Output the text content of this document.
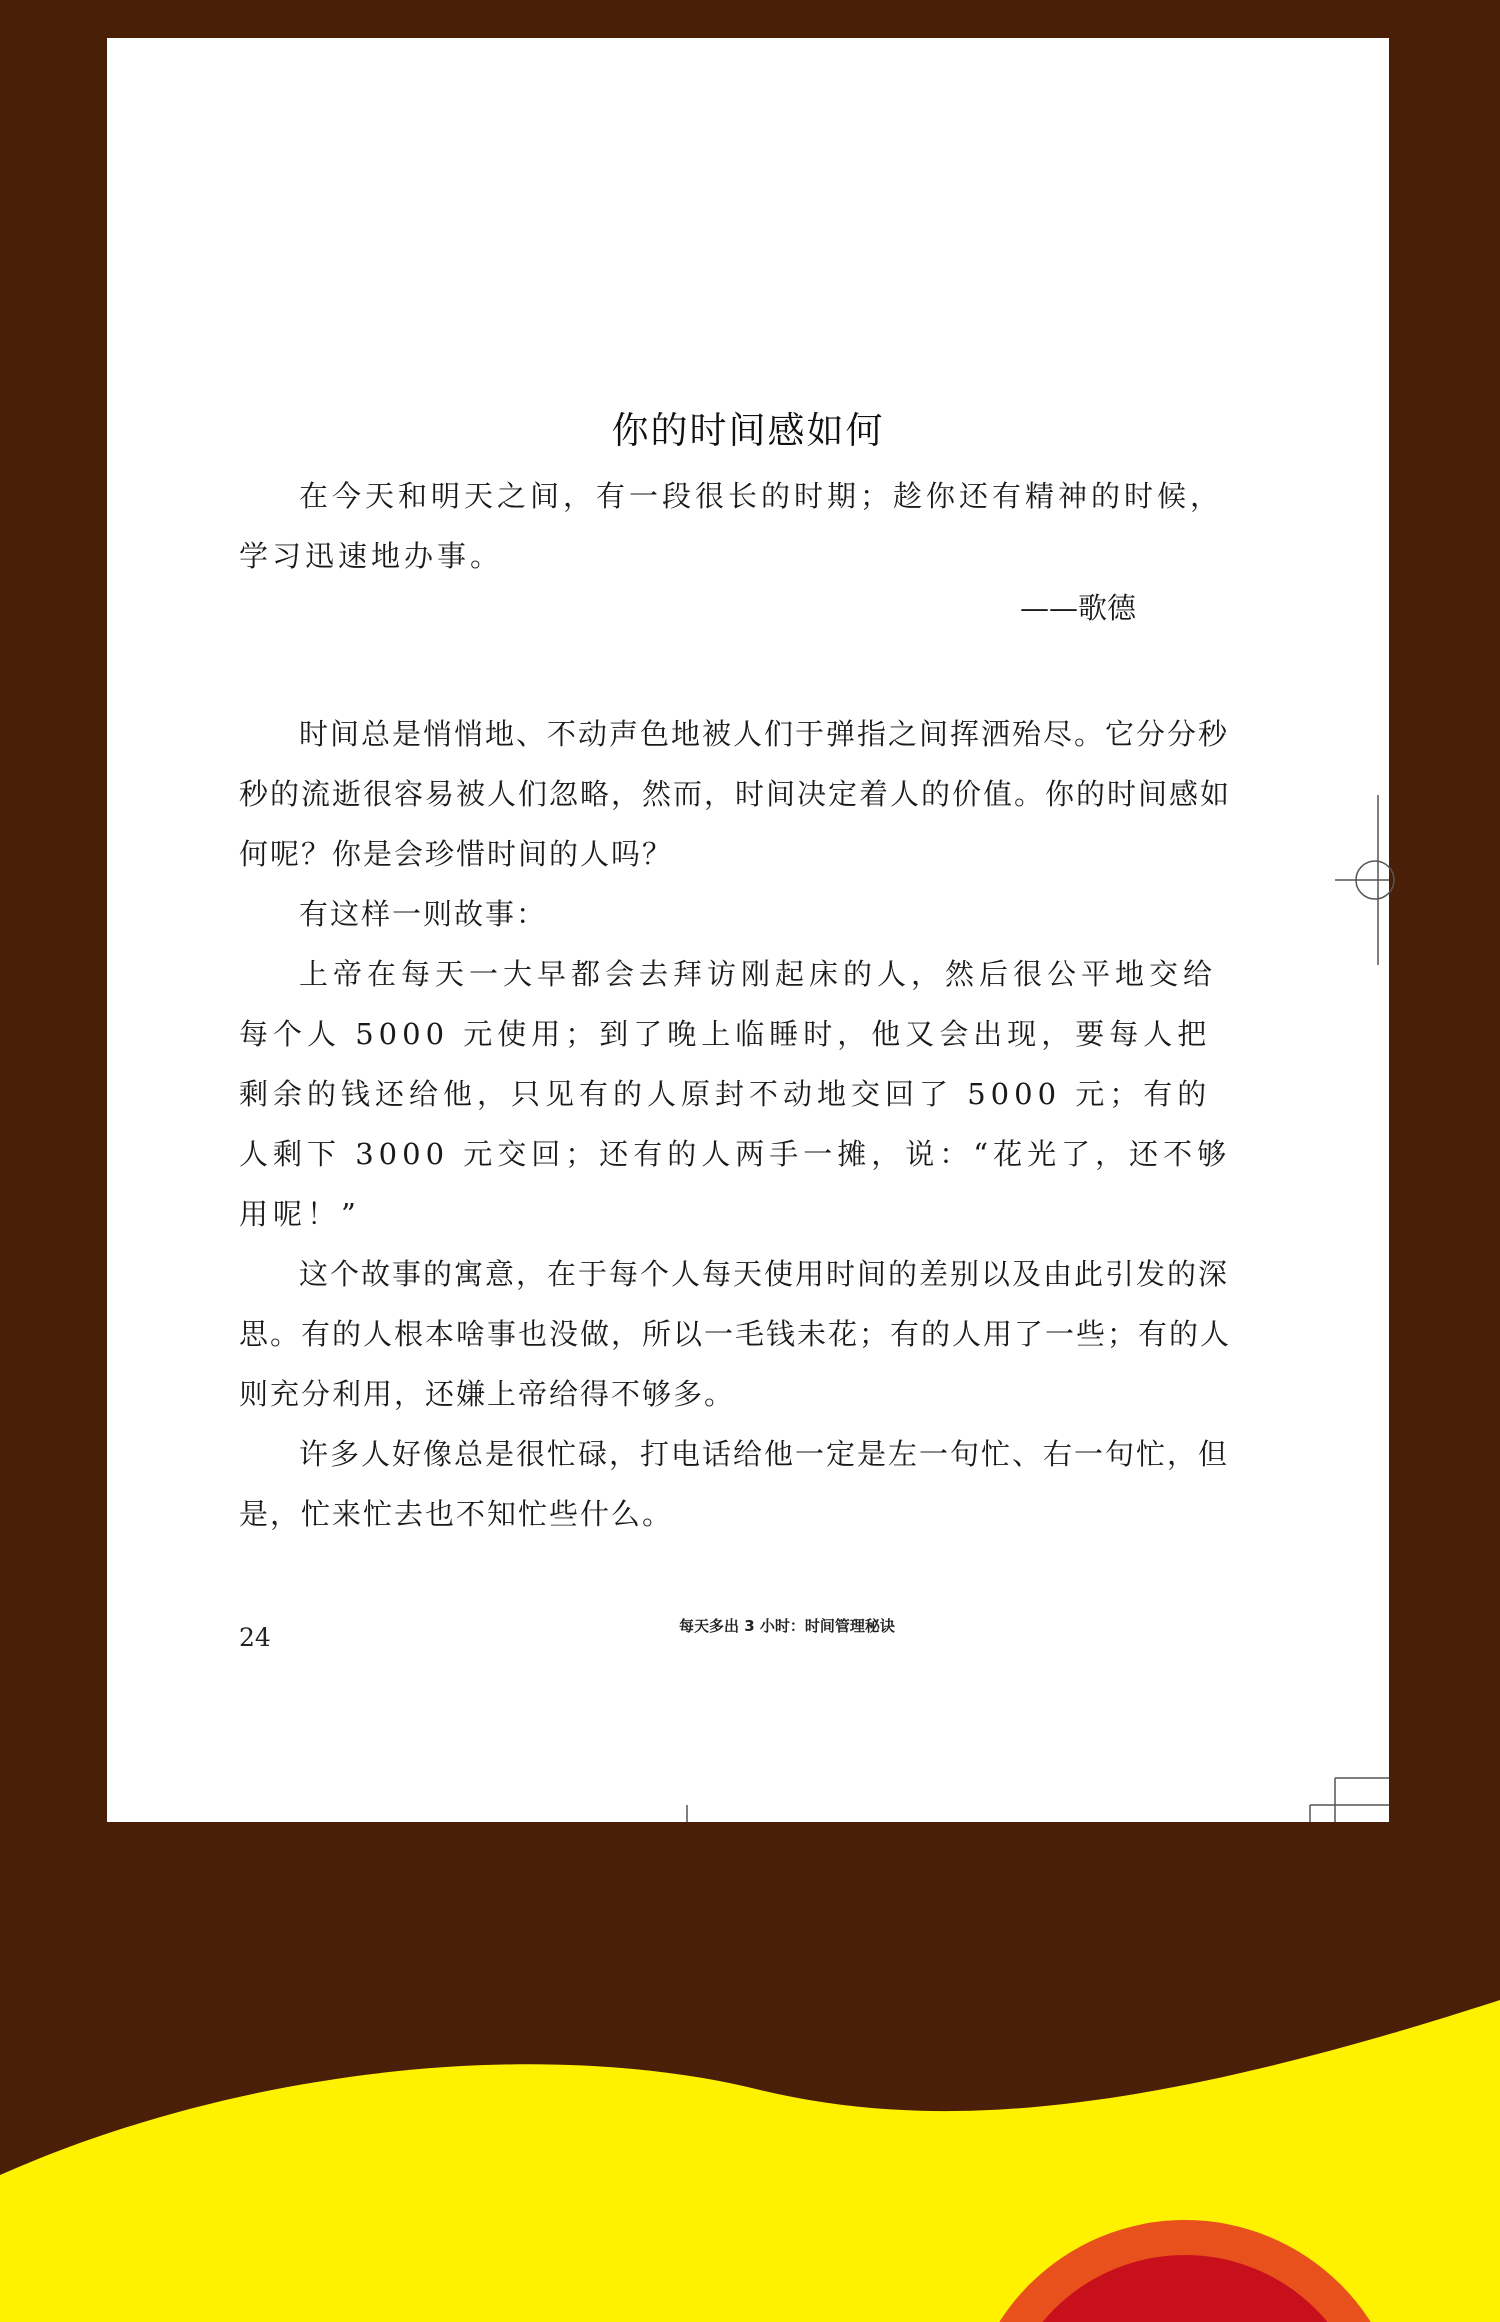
你的时间感如何
在今天和明天之间，有一段很长的时期；趁你还有精神的时候，学习迅速地办事。
——歌德

时间总是悄悄地、不动声色地被人们于弹指之间挥洒殆尽。它分分秒秒的流逝很容易被人们忽略，然而，时间决定着人的价值。你的时间感如何呢？你是会珍惜时间的人吗？

有这样一则故事：

上帝在每天一大早都会去拜访刚起床的人，然后很公平地交给每个人 5000 元使用；到了晚上临睡时，他又会出现，要每人把剩余的钱还给他，只见有的人原封不动地交回了 5000 元；有的人剩下 3000 元交回；还有的人两手一摊，说：“花光了，还不够用呢！”

这个故事的寓意，在于每个人每天使用时间的差别以及由此引发的深思。有的人根本啥事也没做，所以一毛钱未花；有的人用了一些；有的人则充分利用，还嫌上帝给得不够多。

许多人好像总是很忙碌，打电话给他一定是左一句忙、右一句忙，但是，忙来忙去也不知忙些什么。

24	每天多出 3 小时：时间管理秘诀
